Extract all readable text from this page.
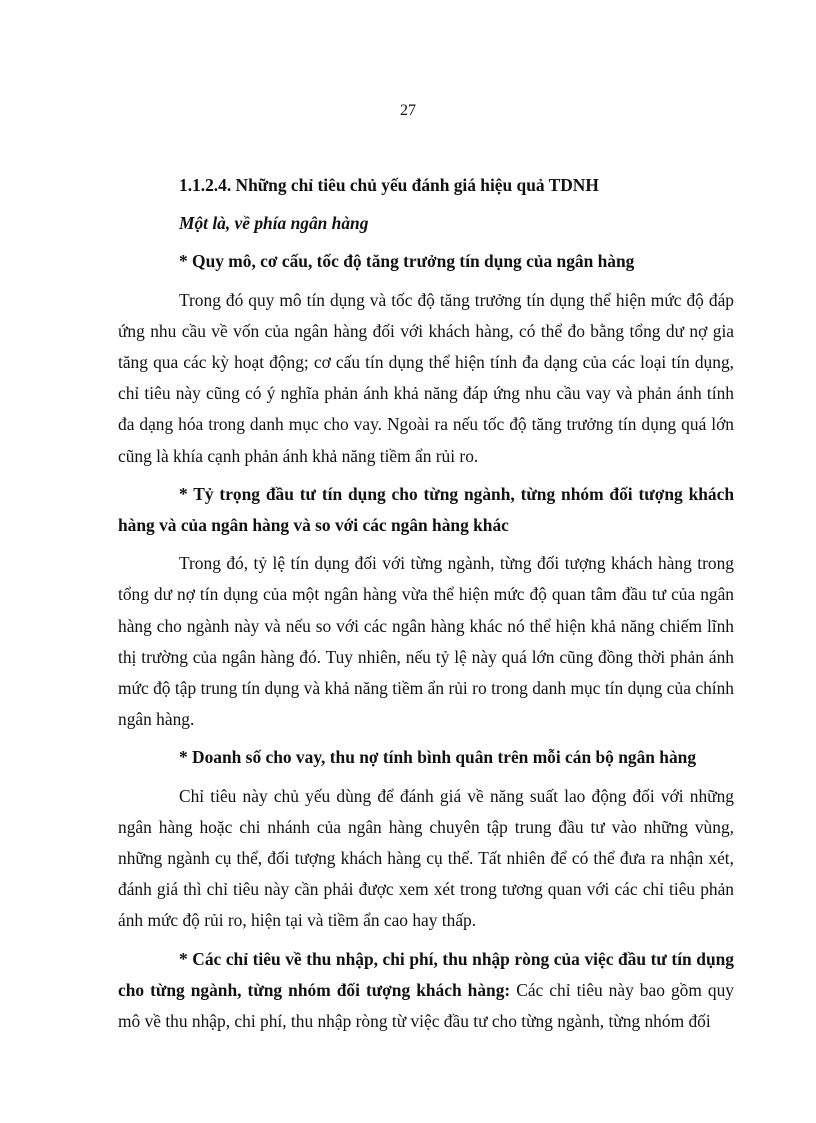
27

1.1.2.4. Những chỉ tiêu chủ yếu đánh giá hiệu quả TDNH

Một là, về phía ngân hàng

* Quy mô, cơ cấu, tốc độ tăng trưởng tín dụng của ngân hàng

Trong đó quy mô tín dụng và tốc độ tăng trưởng tín dụng thể hiện mức độ đáp ứng nhu cầu về vốn của ngân hàng đối với khách hàng, có thể đo bằng tổng dư nợ gia tăng qua các kỳ hoạt động; cơ cấu tín dụng thể hiện tính đa dạng của các loại tín dụng, chỉ tiêu này cũng có ý nghĩa phản ánh khả năng đáp ứng nhu cầu vay và phản ánh tính đa dạng hóa trong danh mục cho vay. Ngoài ra nếu tốc độ tăng trưởng tín dụng quá lớn cũng là khía cạnh phản ánh khả năng tiềm ẩn rủi ro.

* Tỷ trọng đầu tư tín dụng cho từng ngành, từng nhóm đối tượng khách hàng và của ngân hàng và so với các ngân hàng khác

Trong đó, tỷ lệ tín dụng đối với từng ngành, từng đối tượng khách hàng trong tổng dư nợ tín dụng của một ngân hàng vừa thể hiện mức độ quan tâm đầu tư của ngân hàng cho ngành này và nếu so với các ngân hàng khác nó thể hiện khả năng chiếm lĩnh thị trường của ngân hàng đó. Tuy nhiên, nếu tỷ lệ này quá lớn cũng đồng thời phản ánh mức độ tập trung tín dụng và khả năng tiềm ẩn rủi ro trong danh mục tín dụng của chính ngân hàng.

* Doanh số cho vay, thu nợ tính bình quân trên mỗi cán bộ ngân hàng

Chỉ tiêu này chủ yếu dùng để đánh giá về năng suất lao động đối với những ngân hàng hoặc chi nhánh của ngân hàng chuyên tập trung đầu tư vào những vùng, những ngành cụ thể, đối tượng khách hàng cụ thể. Tất nhiên để có thể đưa ra nhận xét, đánh giá thì chỉ tiêu này cần phải được xem xét trong tương quan với các chỉ tiêu phản ánh mức độ rủi ro, hiện tại và tiềm ẩn cao hay thấp.

* Các chỉ tiêu về thu nhập, chi phí, thu nhập ròng của việc đầu tư tín dụng cho từng ngành, từng nhóm đối tượng khách hàng: Các chỉ tiêu này bao gồm quy mô về thu nhập, chi phí, thu nhập ròng từ việc đầu tư cho từng ngành, từng nhóm đối
